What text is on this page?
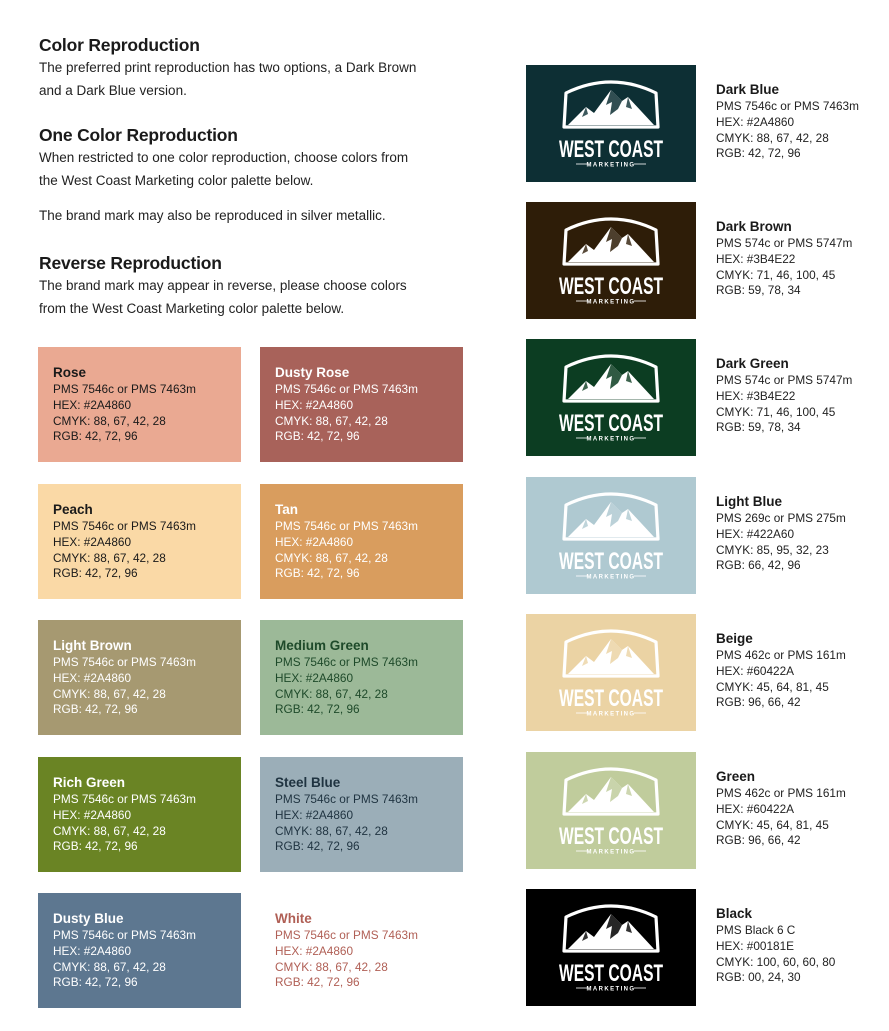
Color Reproduction

The preferred print reproduction has two options, a Dark Brown

and a Dark Blue version.

One Color Reproduction

When restricted to one color reproduction, choose colors from

the West Coast Marketing color palette below.

The brand mark may also be reproduced in silver metallic.

Reverse Reproduction

The brand mark may appear in reverse, please choose colors

from the West Coast Marketing color palette below.

Rose
PMS 7546c or PMS 7463m
HEX: #2A4860
CMYK: 88, 67, 42, 28
RGB: 42, 72, 96
Dusty Rose
PMS 7546c or PMS 7463m
HEX: #2A4860
CMYK: 88, 67, 42, 28
RGB: 42, 72, 96
Peach
PMS 7546c or PMS 7463m
HEX: #2A4860
CMYK: 88, 67, 42, 28
RGB: 42, 72, 96
Tan
PMS 7546c or PMS 7463m
HEX: #2A4860
CMYK: 88, 67, 42, 28
RGB: 42, 72, 96
Light Brown
PMS 7546c or PMS 7463m
HEX: #2A4860
CMYK: 88, 67, 42, 28
RGB: 42, 72, 96
Medium Green
PMS 7546c or PMS 7463m
HEX: #2A4860
CMYK: 88, 67, 42, 28
RGB: 42, 72, 96
Rich Green
PMS 7546c or PMS 7463m
HEX: #2A4860
CMYK: 88, 67, 42, 28
RGB: 42, 72, 96
Steel Blue
PMS 7546c or PMS 7463m
HEX: #2A4860
CMYK: 88, 67, 42, 28
RGB: 42, 72, 96
Dusty Blue
PMS 7546c or PMS 7463m
HEX: #2A4860
CMYK: 88, 67, 42, 28
RGB: 42, 72, 96
White
PMS 7546c or PMS 7463m
HEX: #2A4860
CMYK: 88, 67, 42, 28
RGB: 42, 72, 96
WEST COAST
MARKETING
Dark Blue
PMS 7546c or PMS 7463m
HEX: #2A4860
CMYK: 88, 67, 42, 28
RGB: 42, 72, 96
WEST COAST
MARKETING
Dark Brown
PMS 574c or PMS 5747m
HEX: #3B4E22
CMYK: 71, 46, 100, 45
RGB: 59, 78, 34
WEST COAST
MARKETING
Dark Green
PMS 574c or PMS 5747m
HEX: #3B4E22
CMYK: 71, 46, 100, 45
RGB: 59, 78, 34
WEST COAST
MARKETING
Light Blue
PMS 269c or PMS 275m
HEX: #422A60
CMYK: 85, 95, 32, 23
RGB: 66, 42, 96
WEST COAST
MARKETING
Beige
PMS 462c or PMS 161m
HEX: #60422A
CMYK: 45, 64, 81, 45
RGB: 96, 66, 42
WEST COAST
MARKETING
Green
PMS 462c or PMS 161m
HEX: #60422A
CMYK: 45, 64, 81, 45
RGB: 96, 66, 42
WEST COAST
MARKETING
Black
PMS Black 6 C
HEX: #00181E
CMYK: 100, 60, 60, 80
RGB: 00, 24, 30
